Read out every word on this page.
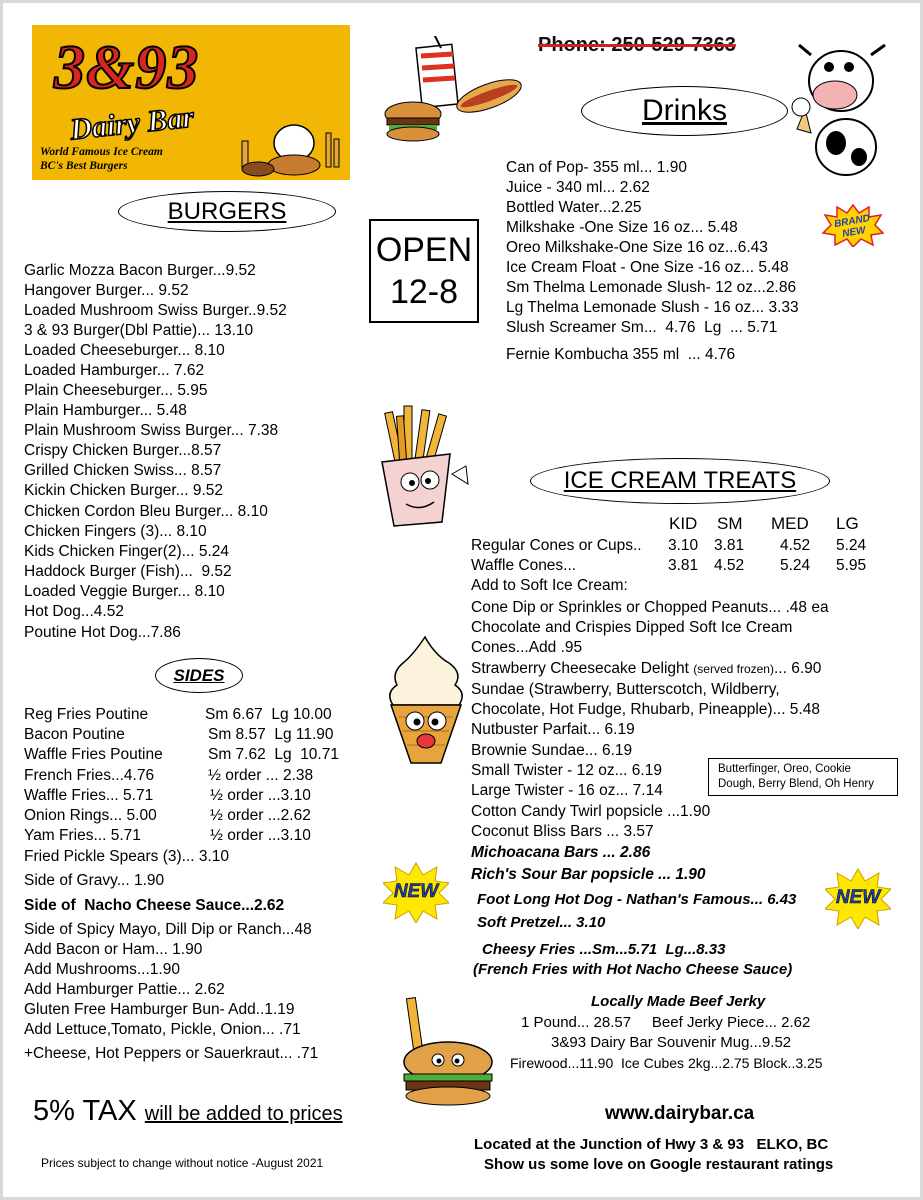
3&93
Dairy Bar
World Famous Ice Cream
BC's Best Burgers
Phone: 250-529-7363
Drinks
Can of Pop- 355 ml... 1.90
Juice - 340 ml... 2.62
Bottled Water...2.25
Milkshake -One Size 16 oz... 5.48
Oreo Milkshake-One Size 16 oz...6.43
Ice Cream Float - One Size -16 oz... 5.48
Sm Thelma Lemonade Slush- 12 oz...2.86
Lg Thelma Lemonade Slush - 16 oz... 3.33
Slush Screamer Sm...  4.76  Lg  ... 5.71
Fernie Kombucha 355 ml  ... 4.76
BRAND NEW
BURGERS
OPEN
12-8
Garlic Mozza Bacon Burger...9.52
Hangover Burger... 9.52
Loaded Mushroom Swiss Burger..9.52
3 & 93 Burger(Dbl Pattie)... 13.10
Loaded Cheeseburger... 8.10
Loaded Hamburger... 7.62
Plain Cheeseburger... 5.95
Plain Hamburger... 5.48
Plain Mushroom Swiss Burger... 7.38
Crispy Chicken Burger...8.57
Grilled Chicken Swiss... 8.57
Kickin Chicken Burger... 9.52
Chicken Cordon Bleu Burger... 8.10
Chicken Fingers (3)... 8.10
Kids Chicken Finger(2)... 5.24
Haddock Burger (Fish)...  9.52
Loaded Veggie Burger... 8.10
Hot Dog...4.52
Poutine Hot Dog...7.86
ICE CREAM TREATS
KID SM MED LG
Regular Cones or Cups.. 3.10 3.81 4.52 5.24
Waffle Cones...	3.81 4.52 5.24 5.95
Add to Soft Ice Cream:
Cone Dip or Sprinkles or Chopped Peanuts... .48 ea
Chocolate and Crispies Dipped Soft Ice Cream
Cones...Add .95
Strawberry Cheesecake Delight (served frozen)... 6.90
Sundae (Strawberry, Butterscotch, Wildberry,
Chocolate, Hot Fudge, Rhubarb, Pineapple)... 5.48
Nutbuster Parfait... 6.19
Brownie Sundae... 6.19
Small Twister - 12 oz... 6.19
Large Twister - 16 oz... 7.14
Cotton Candy Twirl popsicle ...1.90
Coconut Bliss Bars ... 3.57
Michoacana Bars ... 2.86
Rich's Sour Bar popsicle ... 1.90
Foot Long Hot Dog - Nathan's Famous... 6.43
Soft Pretzel... 3.10
Cheesy Fries ...Sm...5.71  Lg...8.33
(French Fries with Hot Nacho Cheese Sauce)
Butterfinger, Oreo, Cookie
Dough, Berry Blend, Oh Henry
NEW	NEW
SIDES
Reg Fries Poutine	Sm 6.67  Lg 10.00
Bacon Poutine	Sm 8.57  Lg 11.90
Waffle Fries Poutine	Sm 7.62  Lg  10.71
French Fries...4.76	½ order ... 2.38
Waffle Fries... 5.71	½ order ...3.10
Onion Rings... 5.00	½ order ...2.62
Yam Fries... 5.71	½ order ...3.10
Fried Pickle Spears (3)... 3.10
Side of Gravy... 1.90
Side of  Nacho Cheese Sauce...2.62
Side of Spicy Mayo, Dill Dip or Ranch...48
Add Bacon or Ham... 1.90
Add Mushrooms...1.90
Add Hamburger Pattie... 2.62
Gluten Free Hamburger Bun- Add..1.19
Add Lettuce,Tomato, Pickle, Onion... .71
+Cheese, Hot Peppers or Sauerkraut... .71
Locally Made Beef Jerky
1 Pound... 28.57     Beef Jerky Piece... 2.62
3&93 Dairy Bar Souvenir Mug...9.52
Firewood...11.90  Ice Cubes 2kg...2.75 Block..3.25
5% TAX will be added to prices
Prices subject to change without notice -August 2021
www.dairybar.ca
Located at the Junction of Hwy 3 & 93   ELKO, BC
Show us some love on Google restaurant ratings
